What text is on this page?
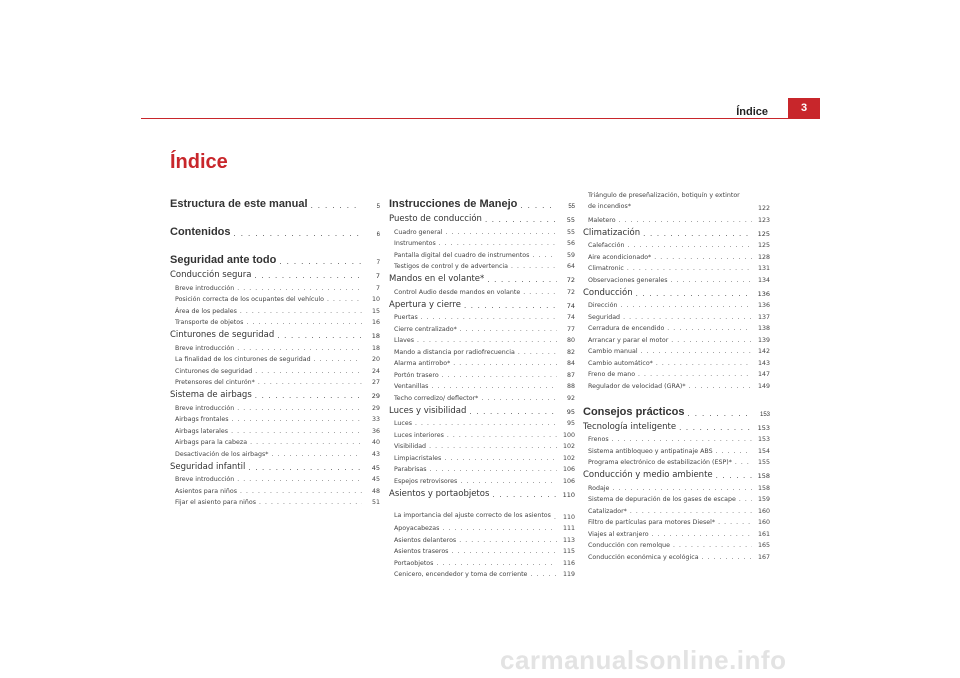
Índice	3
Índice
Estructura de este manual . . .	5
Contenidos . . .	6
Seguridad ante todo . . .	7
Conducción segura . . .	7
Breve introducción . . .	7
Posición correcta de los ocupantes del vehículo . . .	10
Área de los pedales . . .	15
Transporte de objetos . . .	16
Cinturones de seguridad . . .	18
Breve introducción . . .	18
La finalidad de los cinturones de seguridad . . .	20
Cinturones de seguridad . . .	24
Pretensores del cinturón* . . .	27
Sistema de airbags . . .	29
Breve introducción . . .	29
Airbags frontales . . .	33
Airbags laterales . . .	36
Airbags para la cabeza . . .	40
Desactivación de los airbags* . . .	43
Seguridad infantil . . .	45
Breve introducción . . .	45
Asientos para niños . . .	48
Fijar el asiento para niños . . .	51
Instrucciones de Manejo . . .	55
Puesto de conducción . . .	55
Cuadro general . . .	55
Instrumentos . . .	56
Pantalla digital del cuadro de instrumentos . . .	59
Testigos de control y de advertencia . . .	64
Mandos en el volante* . . .	72
Control Audio desde mandos en volante . . .	72
Apertura y cierre . . .	74
Puertas . . .	74
Cierre centralizado* . . .	77
Llaves . . .	80
Mando a distancia por radiofrecuencia . . .	82
Alarma antirrobo* . . .	84
Portón trasero . . .	87
Ventanillas . . .	88
Techo corredizo/ deflector* . . .	92
Luces y visibilidad . . .	95
Luces . . .	95
Luces interiores . . .	100
Visibilidad . . .	102
Limpiacristales . . .	102
Parabrisas . . .	106
Espejos retrovisores . . .	106
Asientos y portaobjetos . . .	110
La importancia del ajuste correcto de los asientos . . .	110
Apoyacabezas . . .	111
Asientos delanteros . . .	113
Asientos traseros . . .	115
Portaobjetos . . .	116
Cenicero, encendedor y toma de corriente . . .	119
Triángulo de preseñalización, botiquín y extintor de incendios*	122
Maletero . . .	123
Climatización . . .	125
Calefacción . . .	125
Aire acondicionado* . . .	128
Climatronic . . .	131
Observaciones generales . . .	134
Conducción . . .	136
Dirección . . .	136
Seguridad . . .	137
Cerradura de encendido . . .	138
Arrancar y parar el motor . . .	139
Cambio manual . . .	142
Cambio automático* . . .	143
Freno de mano . . .	147
Regulador de velocidad (GRA)* . . .	149
Consejos prácticos . . .	153
Tecnología inteligente . . .	153
Frenos . . .	153
Sistema antibloqueo y antipatinaje ABS . . .	154
Programa electrónico de estabilización (ESP)* . . .	155
Conducción y medio ambiente . . .	158
Rodaje . . .	158
Sistema de depuración de los gases de escape . . .	159
Catalizador* . . .	160
Filtro de partículas para motores Diesel* . . .	160
Viajes al extranjero . . .	161
Conducción con remolque . . .	165
Conducción económica y ecológica . . .	167
carmanualsonline.info
